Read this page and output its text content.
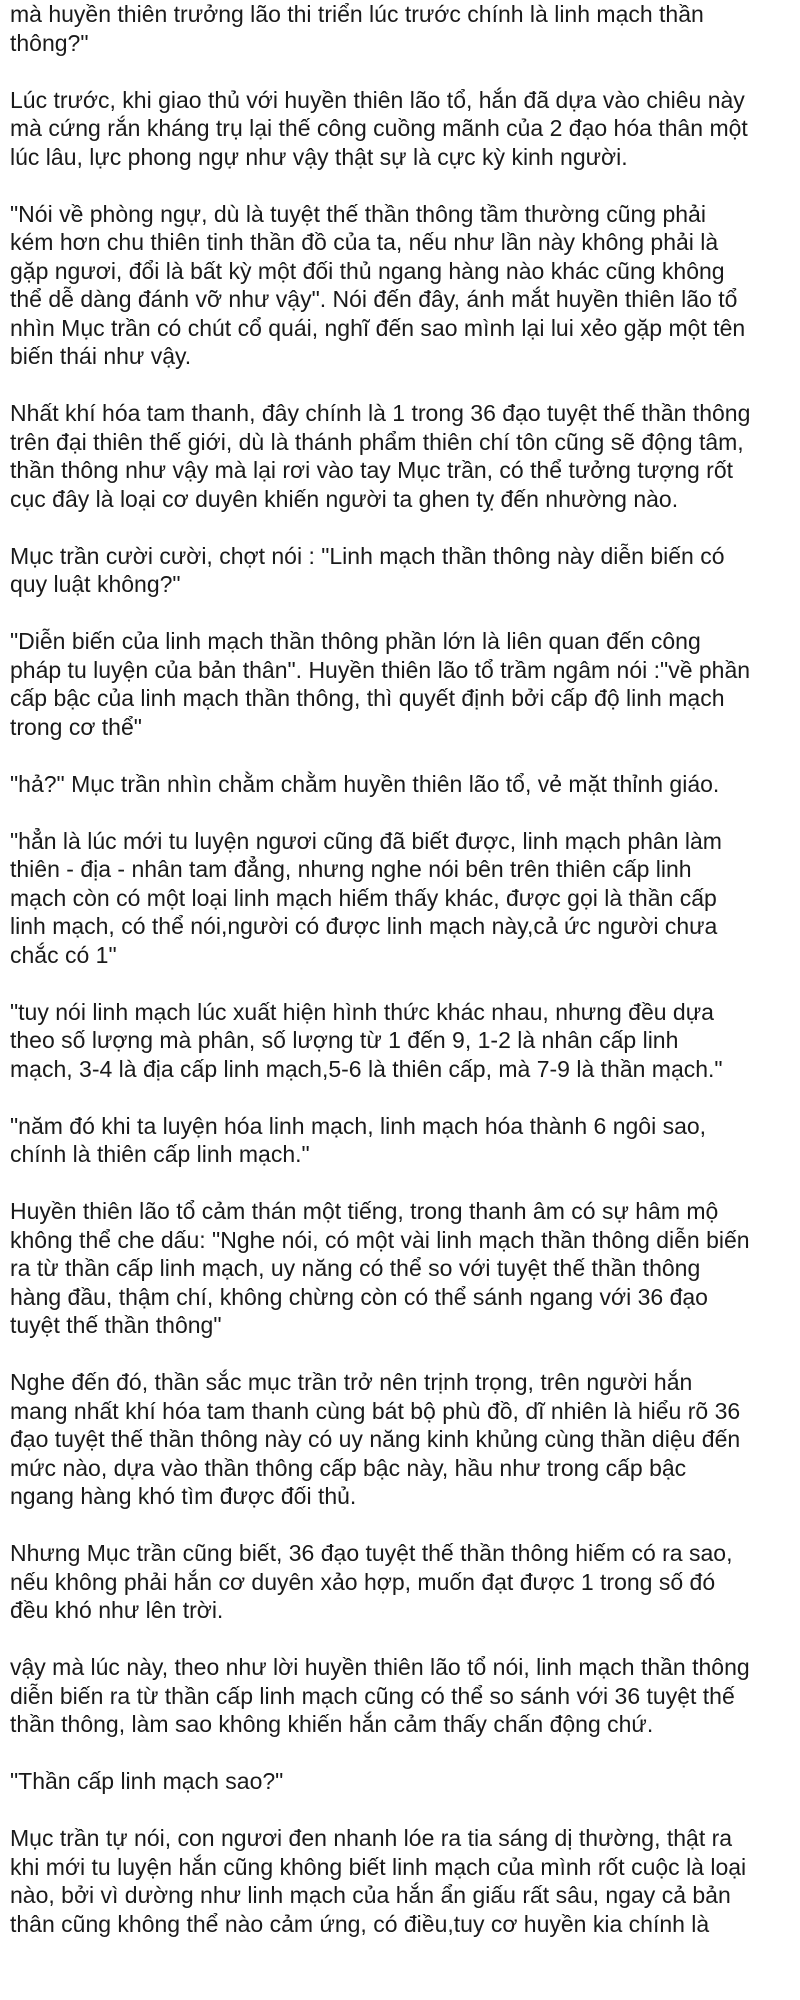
mà huyền thiên trưởng lão thi triển lúc trước chính là linh mạch thần
thông?"

Lúc trước, khi giao thủ với huyền thiên lão tổ, hắn đã dựa vào chiêu này
mà cứng rắn kháng trụ lại thế công cuồng mãnh của 2 đạo hóa thân một
lúc lâu, lực phong ngự như vậy thật sự là cực kỳ kinh người.

"Nói về phòng ngự, dù là tuyệt thế thần thông tầm thường cũng phải
kém hơn chu thiên tinh thần đồ của ta, nếu như lần này không phải là
gặp ngươi, đổi là bất kỳ một đối thủ ngang hàng nào khác cũng không
thể dễ dàng đánh vỡ như vậy". Nói đến đây, ánh mắt huyền thiên lão tổ
nhìn Mục trần có chút cổ quái, nghĩ đến sao mình lại lui xẻo gặp một tên
biến thái như vậy.

Nhất khí hóa tam thanh, đây chính là 1 trong 36 đạo tuyệt thế thần thông
trên đại thiên thế giới, dù là thánh phẩm thiên chí tôn cũng sẽ động tâm,
thần thông như vậy mà lại rơi vào tay Mục trần, có thể tưởng tượng rốt
cục đây là loại cơ duyên khiến người ta ghen tỵ đến nhường nào.

Mục trần cười cười, chợt nói : "Linh mạch thần thông này diễn biến có
quy luật không?"

"Diễn biến của linh mạch thần thông phần lớn là liên quan đến công
pháp tu luyện của bản thân". Huyền thiên lão tổ trầm ngâm nói :"về phần
cấp bậc của linh mạch thần thông, thì quyết định bởi cấp độ linh mạch
trong cơ thể"

"hả?" Mục trần nhìn chằm chằm huyền thiên lão tổ, vẻ mặt thỉnh giáo.

"hẳn là lúc mới tu luyện ngươi cũng đã biết được, linh mạch phân làm
thiên - địa - nhân tam đẳng, nhưng nghe nói bên trên thiên cấp linh
mạch còn có một loại linh mạch hiếm thấy khác, được gọi là thần cấp
linh mạch, có thể nói,người có được linh mạch này,cả ức người chưa
chắc có 1"

"tuy nói linh mạch lúc xuất hiện hình thức khác nhau, nhưng đều dựa
theo số lượng mà phân, số lượng từ 1 đến 9, 1-2 là nhân cấp linh
mạch, 3-4 là địa cấp linh mạch,5-6 là thiên cấp, mà 7-9 là thần mạch."

"năm đó khi ta luyện hóa linh mạch, linh mạch hóa thành 6 ngôi sao,
chính là thiên cấp linh mạch."

Huyền thiên lão tổ cảm thán một tiếng, trong thanh âm có sự hâm mộ
không thể che dấu: "Nghe nói, có một vài linh mạch thần thông diễn biến
ra từ thần cấp linh mạch, uy năng có thể so với tuyệt thế thần thông
hàng đầu, thậm chí, không chừng còn có thể sánh ngang với 36 đạo
tuyệt thế thần thông"

Nghe đến đó, thần sắc mục trần trở nên trịnh trọng, trên người hắn
mang nhất khí hóa tam thanh cùng bát bộ phù đồ, dĩ nhiên là hiểu rõ 36
đạo tuyệt thế thần thông này có uy năng kinh khủng cùng thần diệu đến
mức nào, dựa vào thần thông cấp bậc này, hầu như trong cấp bậc
ngang hàng khó tìm được đối thủ.

Nhưng Mục trần cũng biết, 36 đạo tuyệt thế thần thông hiếm có ra sao,
nếu không phải hắn cơ duyên xảo hợp, muốn đạt được 1 trong số đó
đều khó như lên trời.

vậy mà lúc này, theo như lời huyền thiên lão tổ nói, linh mạch thần thông
diễn biến ra từ thần cấp linh mạch cũng có thể so sánh với 36 tuyệt thế
thần thông, làm sao không khiến hắn cảm thấy chấn động chứ.

"Thần cấp linh mạch sao?"

Mục trần tự nói, con ngươi đen nhanh lóe ra tia sáng dị thường, thật ra
khi mới tu luyện hắn cũng không biết linh mạch của mình rốt cuộc là loại
nào, bởi vì dường như linh mạch của hắn ẩn giấu rất sâu, ngay cả bản
thân cũng không thể nào cảm ứng, có điều,tuy cơ huyền kia chính là
